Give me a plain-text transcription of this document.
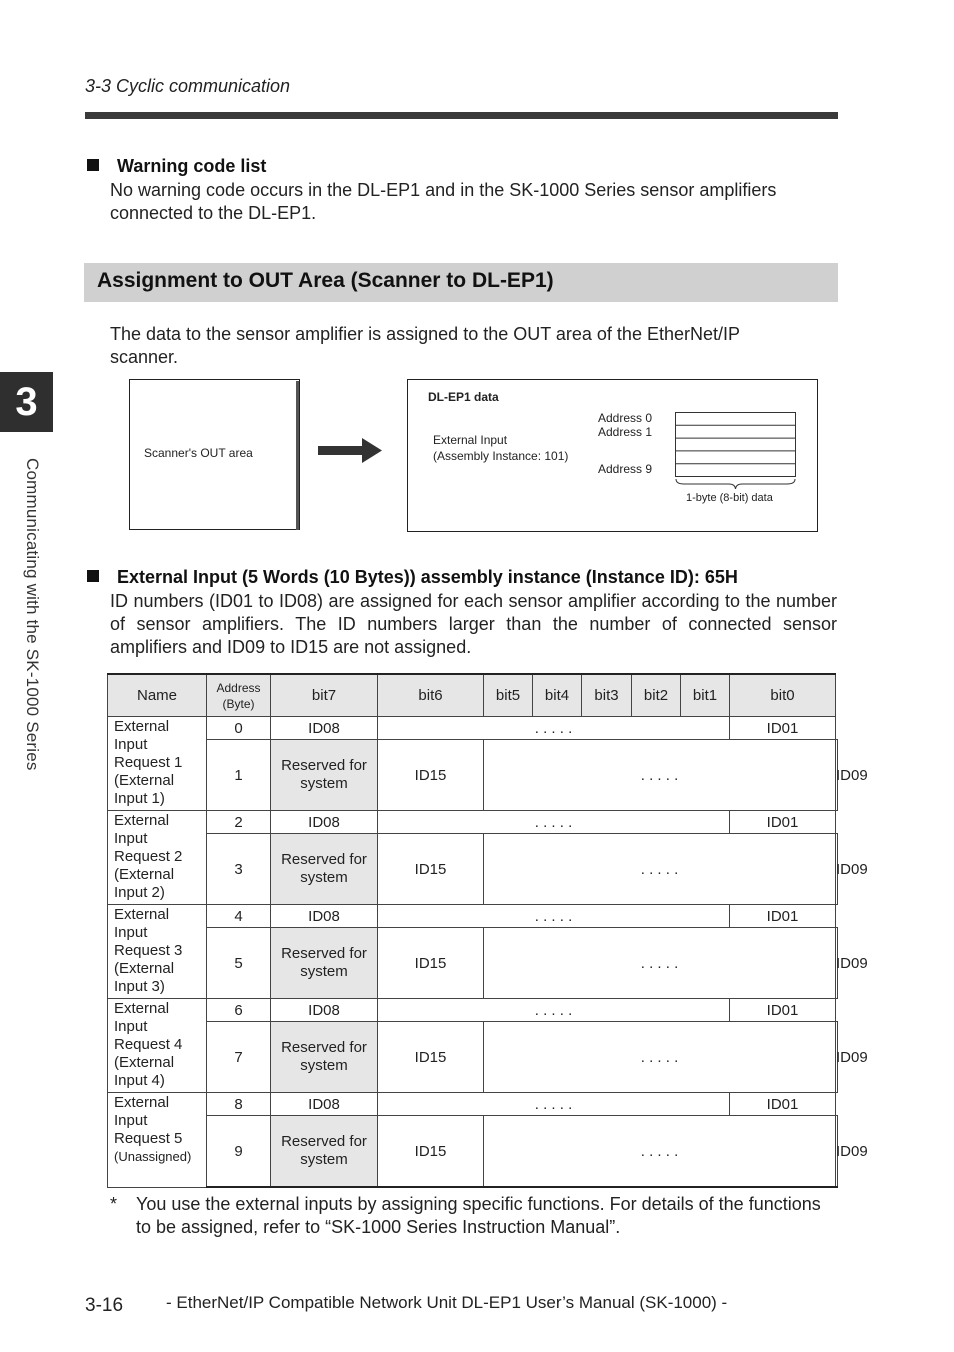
3-3 Cyclic communication
3
Communicating with the SK-1000 Series
Warning code list
No warning code occurs in the DL-EP1 and in the SK-1000 Series sensor amplifiers connected to the DL-EP1.
Assignment to OUT Area (Scanner to DL-EP1)
The data to the sensor amplifier is assigned to the OUT area of the EtherNet/IP scanner.
Scanner's OUT area
DL-EP1 data
External Input
(Assembly Instance: 101)
Address 0
Address 1
Address 9
1-byte (8-bit) data
External Input (5 Words (10 Bytes)) assembly instance (Instance ID): 65H
ID numbers (ID01 to ID08) are assigned for each sensor amplifier according to the number of sensor amplifiers. The ID numbers larger than the number of connected sensor amplifiers and ID09 to ID15 are not assigned.
Name	Address
(Byte)	bit7	bit6	bit5	bit4	bit3	bit2	bit1	bit0	

External
Input
Request 1
(External
Input 1)	0	ID08	. . . . .						ID01	
	1	Reserved for
system	ID15	. . . . .						ID09

External
Input
Request 2
(External
Input 2)	2	ID08	. . . . .						ID01	
	3	Reserved for
system	ID15	. . . . .						ID09

External
Input
Request 3
(External
Input 3)	4	ID08	. . . . .						ID01	
	5	Reserved for
system	ID15	. . . . .						ID09

External
Input
Request 4
(External
Input 4)	6	ID08	. . . . .						ID01	
	7	Reserved for
system	ID15	. . . . .						ID09

External
Input
Request 5
(Unassigned)	8	ID08	. . . . .						ID01	
	9	Reserved for
system	ID15	. . . . .						ID09
* You use the external inputs by assigning specific functions. For details of the functions to be assigned, refer to “SK-1000 Series Instruction Manual”.
3-16	- EtherNet/IP Compatible Network Unit DL-EP1 User’s Manual (SK-1000) -
